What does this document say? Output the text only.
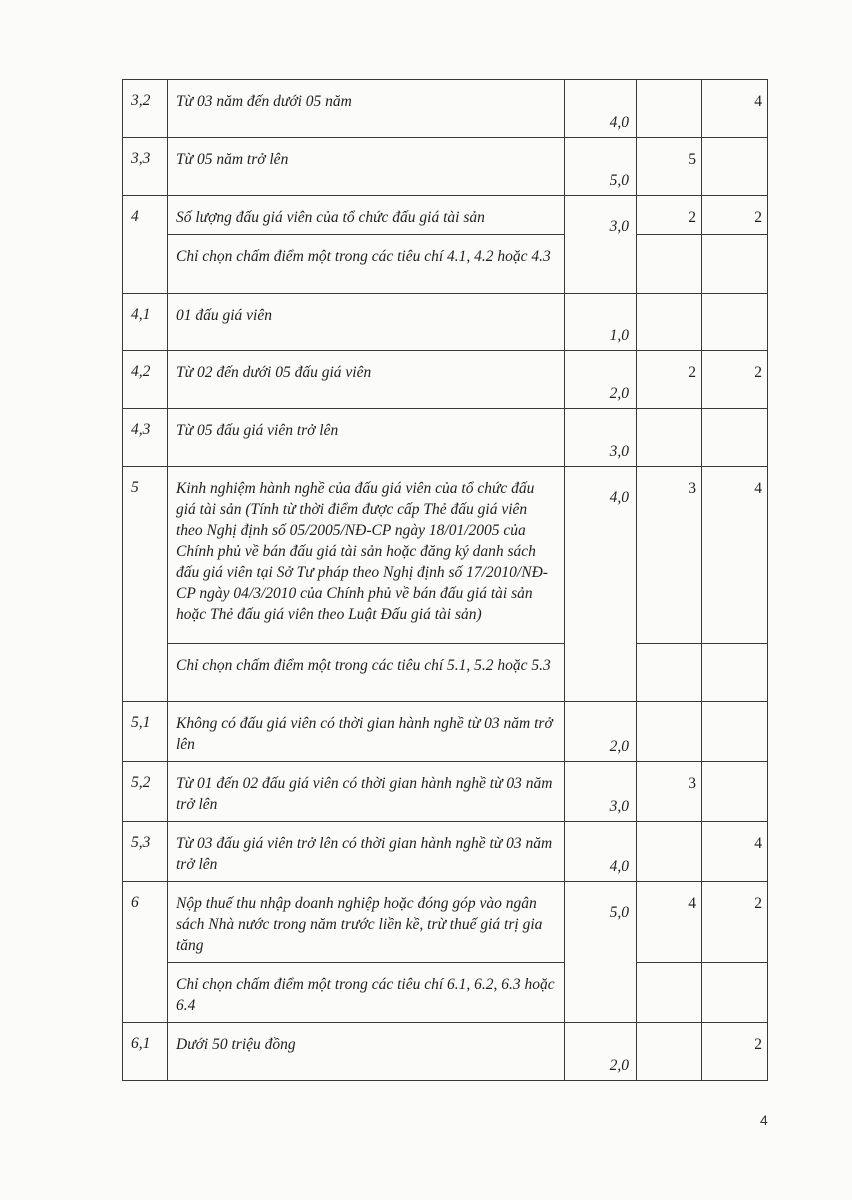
3,2	Từ 03 năm đến dưới 05 năm	4,0		4
3,3	Từ 05 năm trở lên	5,0	5	
4	Số lượng đấu giá viên của tổ chức đấu giá tài sản	3,0	2	2
	Chỉ chọn chấm điểm một trong các tiêu chí 4.1, 4.2 hoặc 4.3			
4,1	01 đấu giá viên	1,0		

4,2	Từ 02 đến dưới 05 đấu giá viên	2,0	2	2
4,3	Từ 05 đấu giá viên trở lên	3,0		

5	Kinh nghiệm hành nghề của đấu giá viên của tổ chức đấu giá tài sản (Tính từ thời điểm được cấp Thẻ đấu giá viên theo Nghị định số 05/2005/NĐ-CP ngày 18/01/2005 của Chính phủ về bán đấu giá tài sản hoặc đăng ký danh sách đấu giá viên tại Sở Tư pháp theo Nghị định số 17/2010/NĐ-CP ngày 04/3/2010 của Chính phủ về bán đấu giá tài sản hoặc Thẻ đấu giá viên theo Luật Đấu giá tài sản)	4,0	3	4
	Chỉ chọn chấm điểm một trong các tiêu chí 5.1, 5.2 hoặc 5.3			
5,1	Không có đấu giá viên có thời gian hành nghề từ 03 năm trở lên	2,0		

5,2	Từ 01 đến 02 đấu giá viên có thời gian hành nghề từ 03 năm trở lên	3,0	3	
5,3	Từ 03 đấu giá viên trở lên có thời gian hành nghề từ 03 năm trở lên	4,0		4
6	Nộp thuế thu nhập doanh nghiệp hoặc đóng góp vào ngân sách Nhà nước trong năm trước liền kề, trừ thuế giá trị gia tăng	5,0	4	2
	Chỉ chọn chấm điểm một trong các tiêu chí 6.1, 6.2, 6.3 hoặc 6.4			
6,1	Dưới 50 triệu đồng	2,0		2
4
